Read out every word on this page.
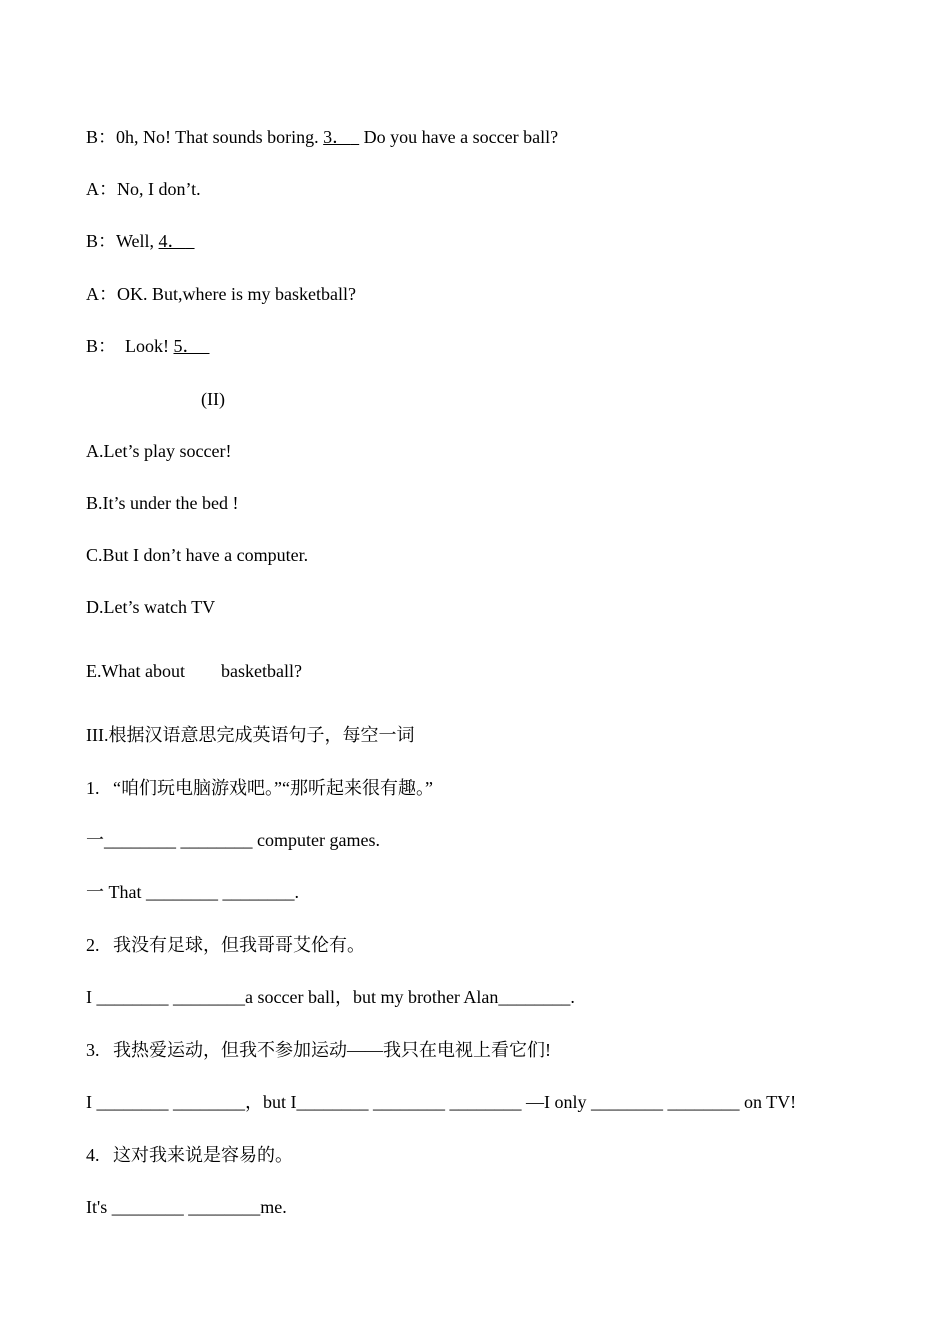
B：0h, No! That sounds boring. 3．   Do you have a soccer ball?
A：No, I don’t.
B：Well, 4．
A：OK. But,where is my basketball?
B：  Look! 5．
(II)
A.Let’s play soccer!
B.It’s under the bed !
C.But I don’t have a computer.
D.Let’s watch TV
E.What about        basketball?
III.根据汉语意思完成英语句子，每空一词
1.   “咱们玩电脑游戏吧。”“那听起来很有趣。”
一________ ________ computer games.
一 That ________ ________.
2.   我没有足球，但我哥哥艾伦有。
I ________ ________a soccer ball，but my brother Alan________.
3.   我热爱运动，但我不参加运动——我只在电视上看它们!
I ________ ________，but I________ ________ ________ —I only ________ ________ on TV!
4.   这对我来说是容易的。
It's ________ ________me.
